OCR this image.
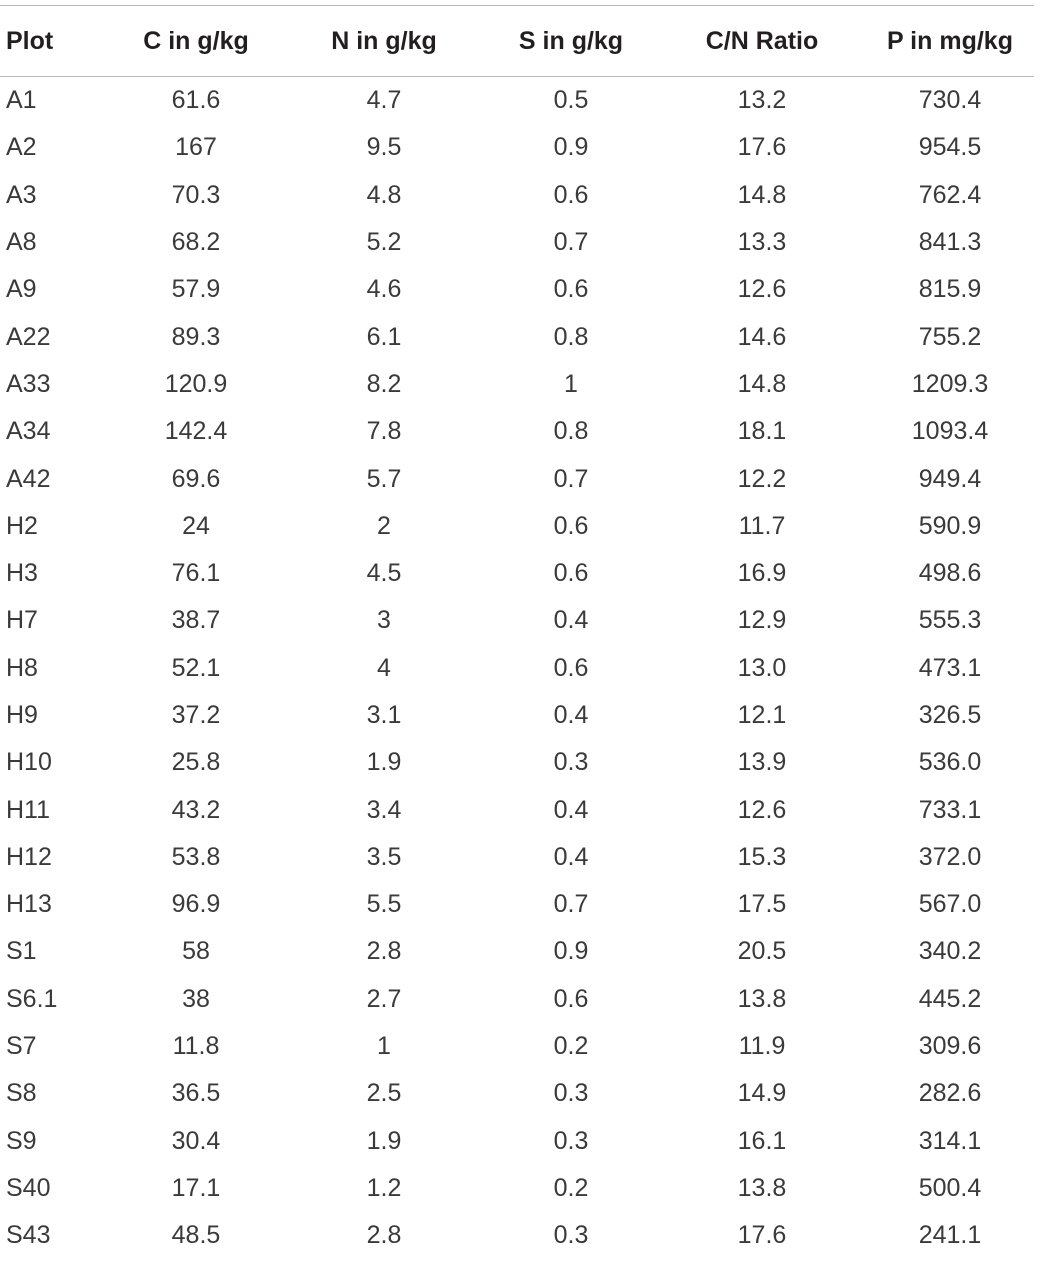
Plot	C in g/kg	N in g/kg	S in g/kg	C/N Ratio	P in mg/kg
A1	61.6	4.7	0.5	13.2	730.4
A2	167	9.5	0.9	17.6	954.5
A3	70.3	4.8	0.6	14.8	762.4
A8	68.2	5.2	0.7	13.3	841.3
A9	57.9	4.6	0.6	12.6	815.9
A22	89.3	6.1	0.8	14.6	755.2
A33	120.9	8.2	1	14.8	1209.3
A34	142.4	7.8	0.8	18.1	1093.4
A42	69.6	5.7	0.7	12.2	949.4
H2	24	2	0.6	11.7	590.9
H3	76.1	4.5	0.6	16.9	498.6
H7	38.7	3	0.4	12.9	555.3
H8	52.1	4	0.6	13.0	473.1
H9	37.2	3.1	0.4	12.1	326.5
H10	25.8	1.9	0.3	13.9	536.0
H11	43.2	3.4	0.4	12.6	733.1
H12	53.8	3.5	0.4	15.3	372.0
H13	96.9	5.5	0.7	17.5	567.0
S1	58	2.8	0.9	20.5	340.2
S6.1	38	2.7	0.6	13.8	445.2
S7	11.8	1	0.2	11.9	309.6
S8	36.5	2.5	0.3	14.9	282.6
S9	30.4	1.9	0.3	16.1	314.1
S40	17.1	1.2	0.2	13.8	500.4
S43	48.5	2.8	0.3	17.6	241.1
